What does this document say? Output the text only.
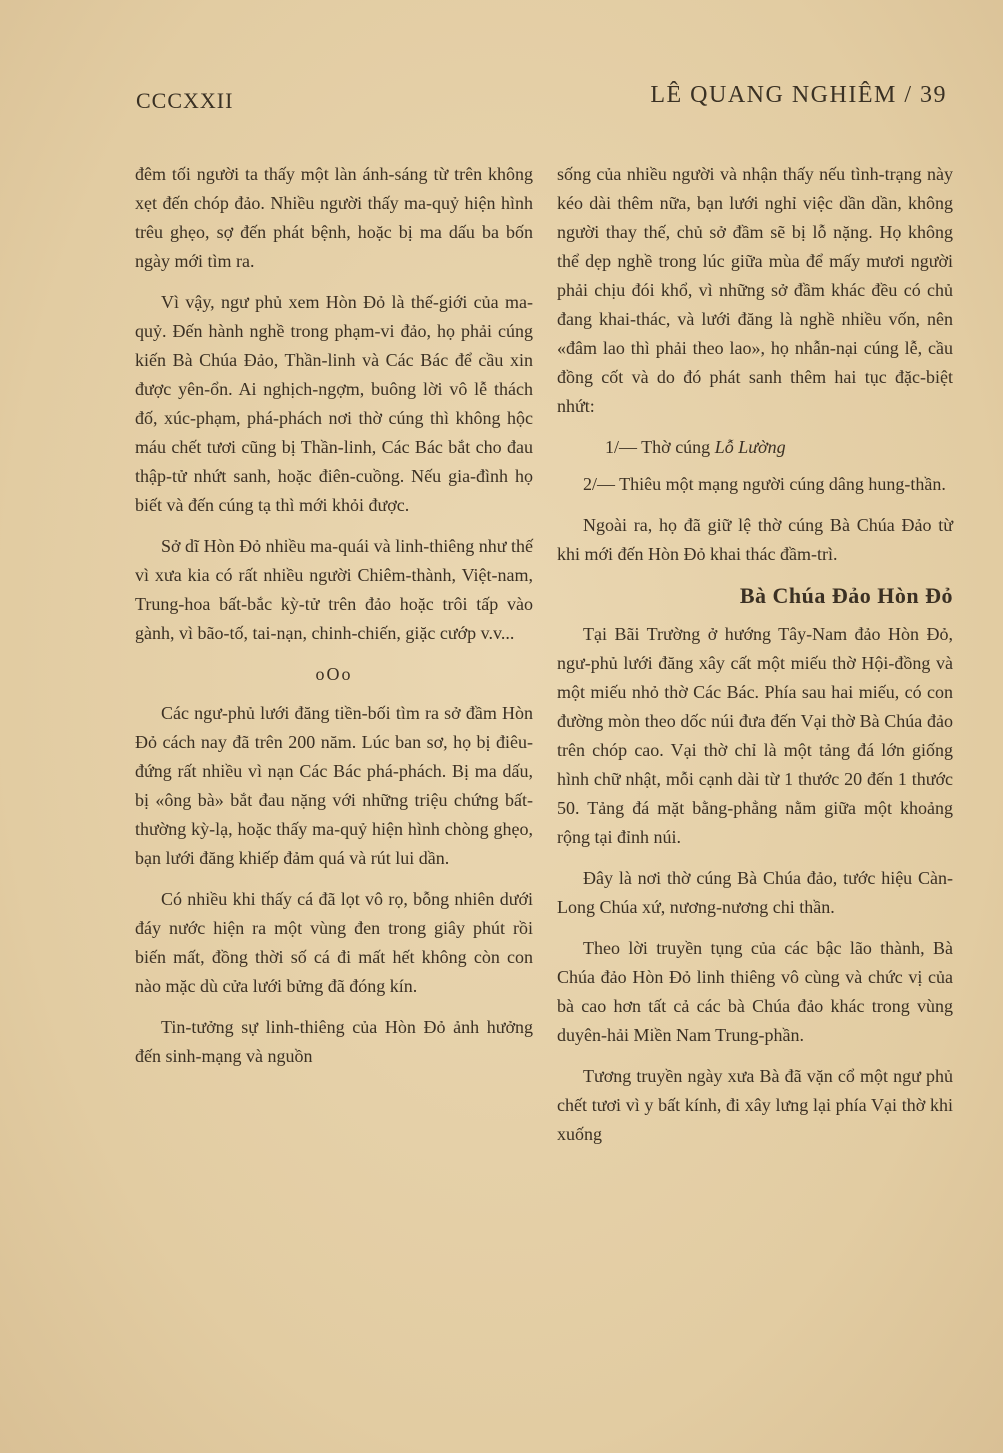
CCCXXII	LÊ QUANG NGHIÊM / 39

đêm tối người ta thấy một làn ánh-sáng từ trên không xẹt đến chóp đảo. Nhiều người thấy ma-quỷ hiện hình trêu ghẹo, sợ đến phát bệnh, hoặc bị ma dấu ba bốn ngày mới tìm ra.

Vì vậy, ngư phủ xem Hòn Đỏ là thế-giới của ma-quỷ. Đến hành nghề trong phạm-vi đảo, họ phải cúng kiến Bà Chúa Đảo, Thần-linh và Các Bác để cầu xin được yên-ổn. Ai nghịch-ngợm, buông lời vô lễ thách đố, xúc-phạm, phá-phách nơi thờ cúng thì không hộc máu chết tươi cũng bị Thần-linh, Các Bác bắt cho đau thập-tử nhứt sanh, hoặc điên-cuồng. Nếu gia-đình họ biết và đến cúng tạ thì mới khỏi được.

Sở dĩ Hòn Đỏ nhiều ma-quái và linh-thiêng như thế vì xưa kia có rất nhiều người Chiêm-thành, Việt-nam, Trung-hoa bất-bắc kỳ-tử trên đảo hoặc trôi tấp vào gành, vì bão-tố, tai-nạn, chinh-chiến, giặc cướp v.v...

oOo

Các ngư-phủ lưới đăng tiền-bối tìm ra sở đầm Hòn Đỏ cách nay đã trên 200 năm. Lúc ban sơ, họ bị điêu-đứng rất nhiều vì nạn Các Bác phá-phách. Bị ma dấu, bị «ông bà» bắt đau nặng với những triệu chứng bất-thường kỳ-lạ, hoặc thấy ma-quỷ hiện hình chòng ghẹo, bạn lưới đăng khiếp đảm quá và rút lui dần.

Có nhiều khi thấy cá đã lọt vô rọ, bỗng nhiên dưới đáy nước hiện ra một vùng đen trong giây phút rồi biến mất, đồng thời số cá đi mất hết không còn con nào mặc dù cửa lưới bửng đã đóng kín.

Tin-tưởng sự linh-thiêng của Hòn Đỏ ảnh hưởng đến sinh-mạng và nguồn

sống của nhiều người và nhận thấy nếu tình-trạng này kéo dài thêm nữa, bạn lưới nghỉ việc dần dần, không người thay thế, chủ sở đầm sẽ bị lỗ nặng. Họ không thể dẹp nghề trong lúc giữa mùa để mấy mươi người phải chịu đói khổ, vì những sở đầm khác đều có chủ đang khai-thác, và lưới đăng là nghề nhiều vốn, nên «đâm lao thì phải theo lao», họ nhẫn-nại cúng lễ, cầu đồng cốt và do đó phát sanh thêm hai tục đặc-biệt nhứt:

1/— Thờ cúng Lỗ Lường

2/— Thiêu một mạng người cúng dâng hung-thần.

Ngoài ra, họ đã giữ lệ thờ cúng Bà Chúa Đảo từ khi mới đến Hòn Đỏ khai thác đầm-trì.

Bà Chúa Đảo Hòn Đỏ

Tại Bãi Trường ở hướng Tây-Nam đảo Hòn Đỏ, ngư-phủ lưới đăng xây cất một miếu thờ Hội-đồng và một miếu nhỏ thờ Các Bác. Phía sau hai miếu, có con đường mòn theo dốc núi đưa đến Vại thờ Bà Chúa đảo trên chóp cao. Vại thờ chỉ là một tảng đá lớn giống hình chữ nhật, mỗi cạnh dài từ 1 thước 20 đến 1 thước 50. Tảng đá mặt bằng-phẳng nằm giữa một khoảng rộng tại đỉnh núi.

Đây là nơi thờ cúng Bà Chúa đảo, tước hiệu Càn-Long Chúa xứ, nương-nương chi thần.

Theo lời truyền tụng của các bậc lão thành, Bà Chúa đảo Hòn Đỏ linh thiêng vô cùng và chức vị của bà cao hơn tất cả các bà Chúa đảo khác trong vùng duyên-hải Miền Nam Trung-phần.

Tương truyền ngày xưa Bà đã vặn cổ một ngư phủ chết tươi vì y bất kính, đi xây lưng lại phía Vại thờ khi xuống
